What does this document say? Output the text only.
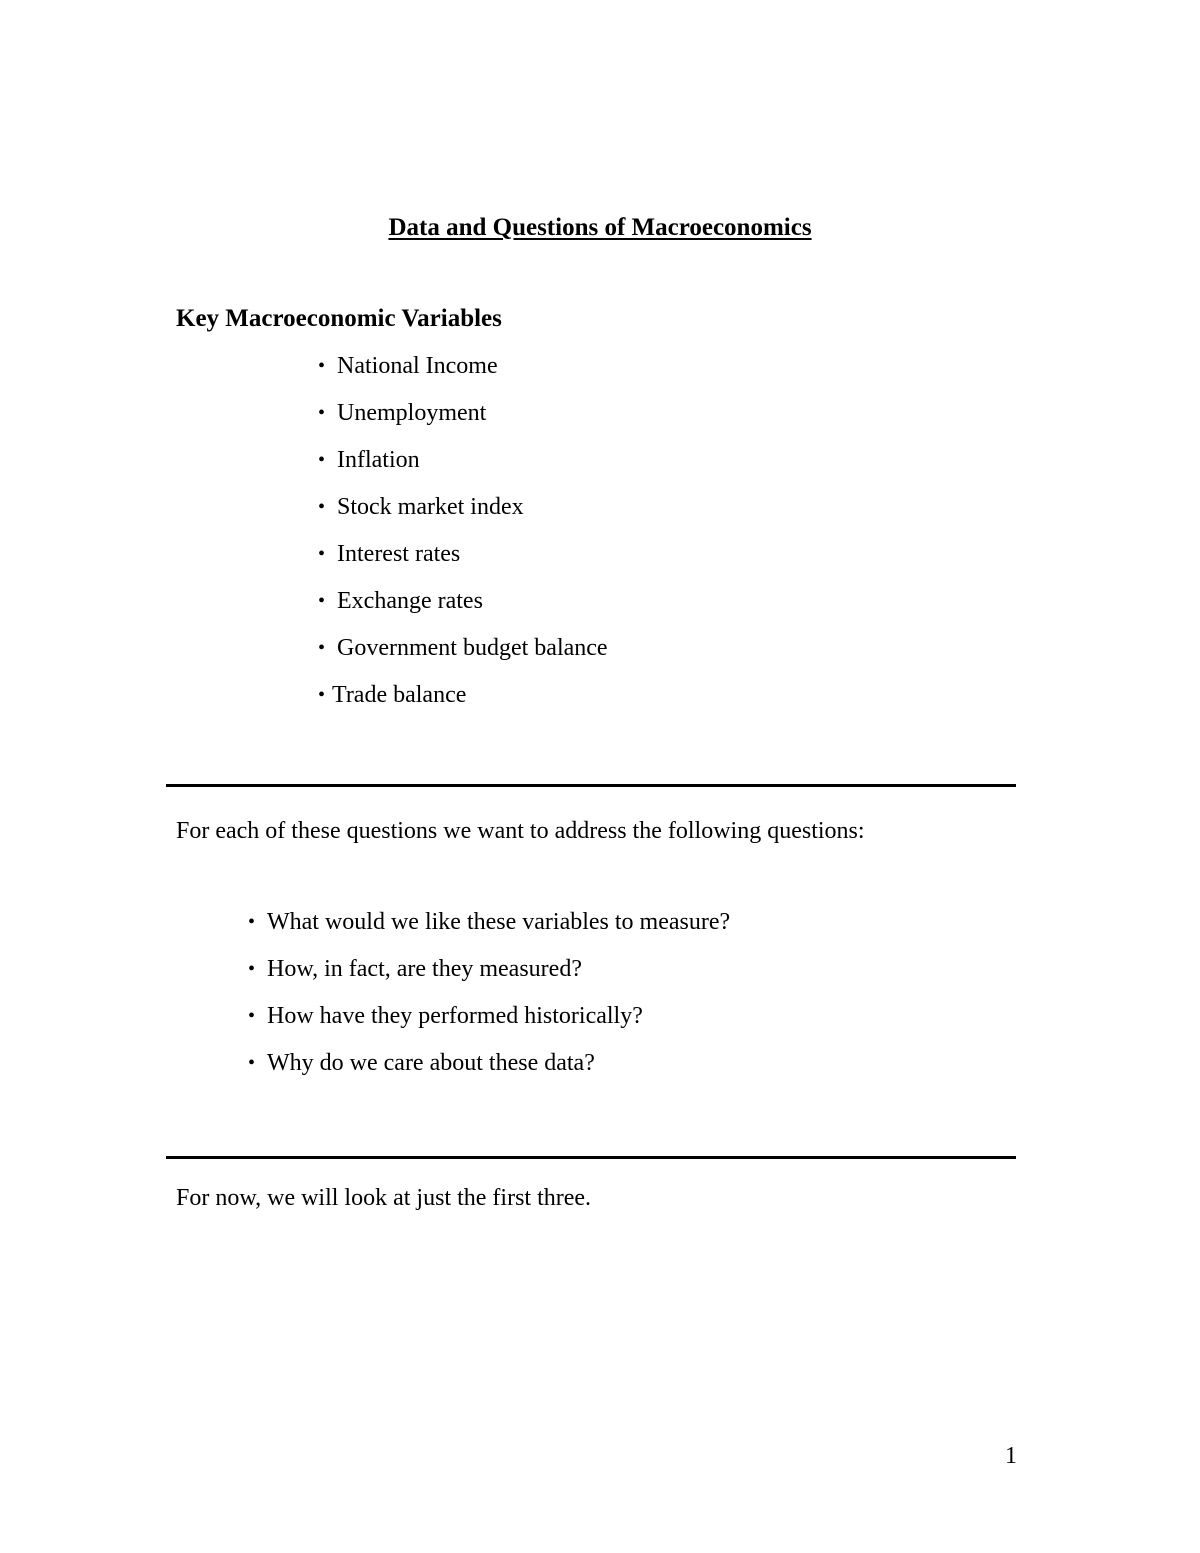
Data and Questions of Macroeconomics
Key Macroeconomic Variables
• National Income
• Unemployment
• Inflation
• Stock market index
• Interest rates
• Exchange rates
• Government budget balance
• Trade balance
For each of these questions we want to address the following questions:
• What would we like these variables to measure?
• How, in fact, are they measured?
• How have they performed historically?
• Why do we care about these data?
For now, we will look at just the first three.
1
